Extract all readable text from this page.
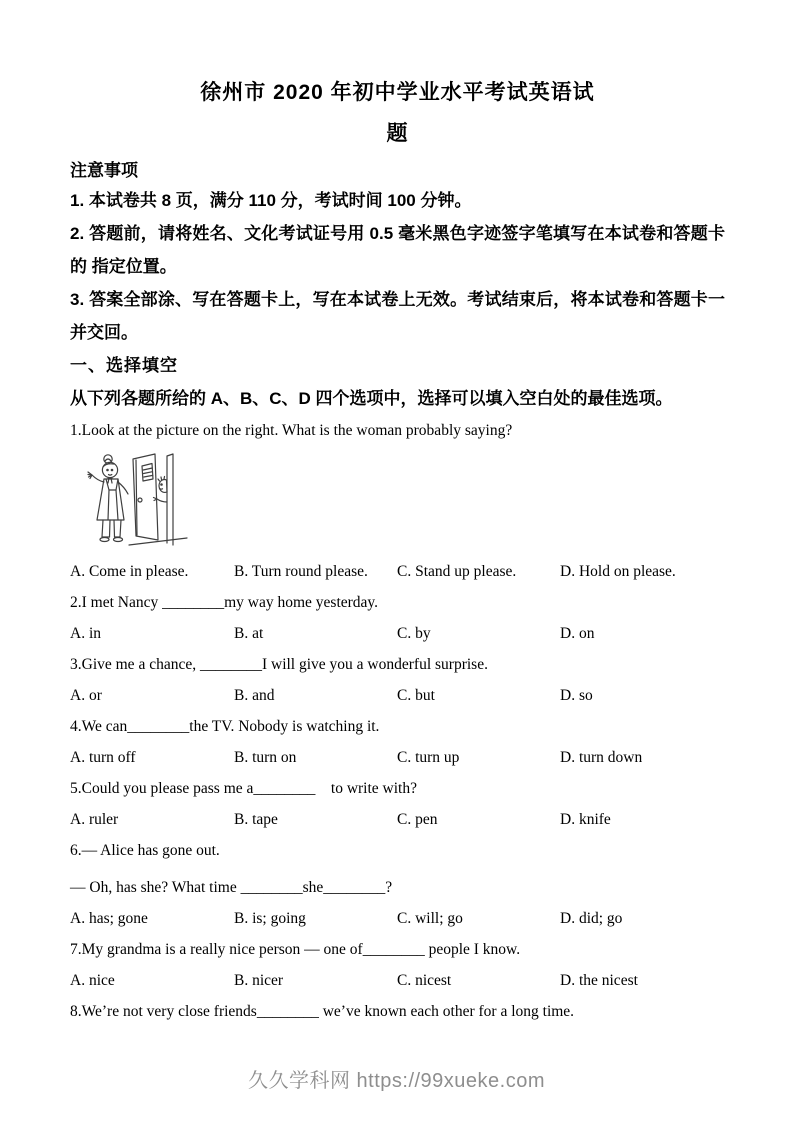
徐州市 2020 年初中学业水平考试英语试
题
注意事项

1. 本试卷共 8 页，满分 110 分，考试时间 100 分钟。

2. 答题前，请将姓名、文化考试证号用 0.5 毫米黑色字迹签字笔填写在本试卷和答题卡的 指定位置。

3. 答案全部涂、写在答题卡上，写在本试卷上无效。考试结束后，将本试卷和答题卡一并交回。

一、选择填空
从下列各题所给的 A、B、C、D 四个选项中，选择可以填入空白处的最佳选项。
1.Look at the picture on the right. What is the woman probably saying?
A. Come in please.	B. Turn round please.	C. Stand up please.	D. Hold on please.
2.I met Nancy ________my way home yesterday.
A. in	B. at	C. by	D. on
3.Give me a chance, ________I will give you a wonderful surprise.
A. or	B. and	C. but	D. so
4.We can________the TV. Nobody is watching it.
A. turn off	B. turn on	C. turn up	D. turn down
5.Could you please pass me a________    to write with?
A. ruler	B. tape	C. pen	D. knife
6.— Alice has gone out.
— Oh, has she? What time ________she________?
A. has; gone	B. is; going	C. will; go	D. did; go
7.My grandma is a really nice person — one of________ people I know.
A. nice	B. nicer	C. nicest	D. the nicest
8.We’re not very close friends________ we’ve known each other for a long time.
久久学科网 https://99xueke.com
